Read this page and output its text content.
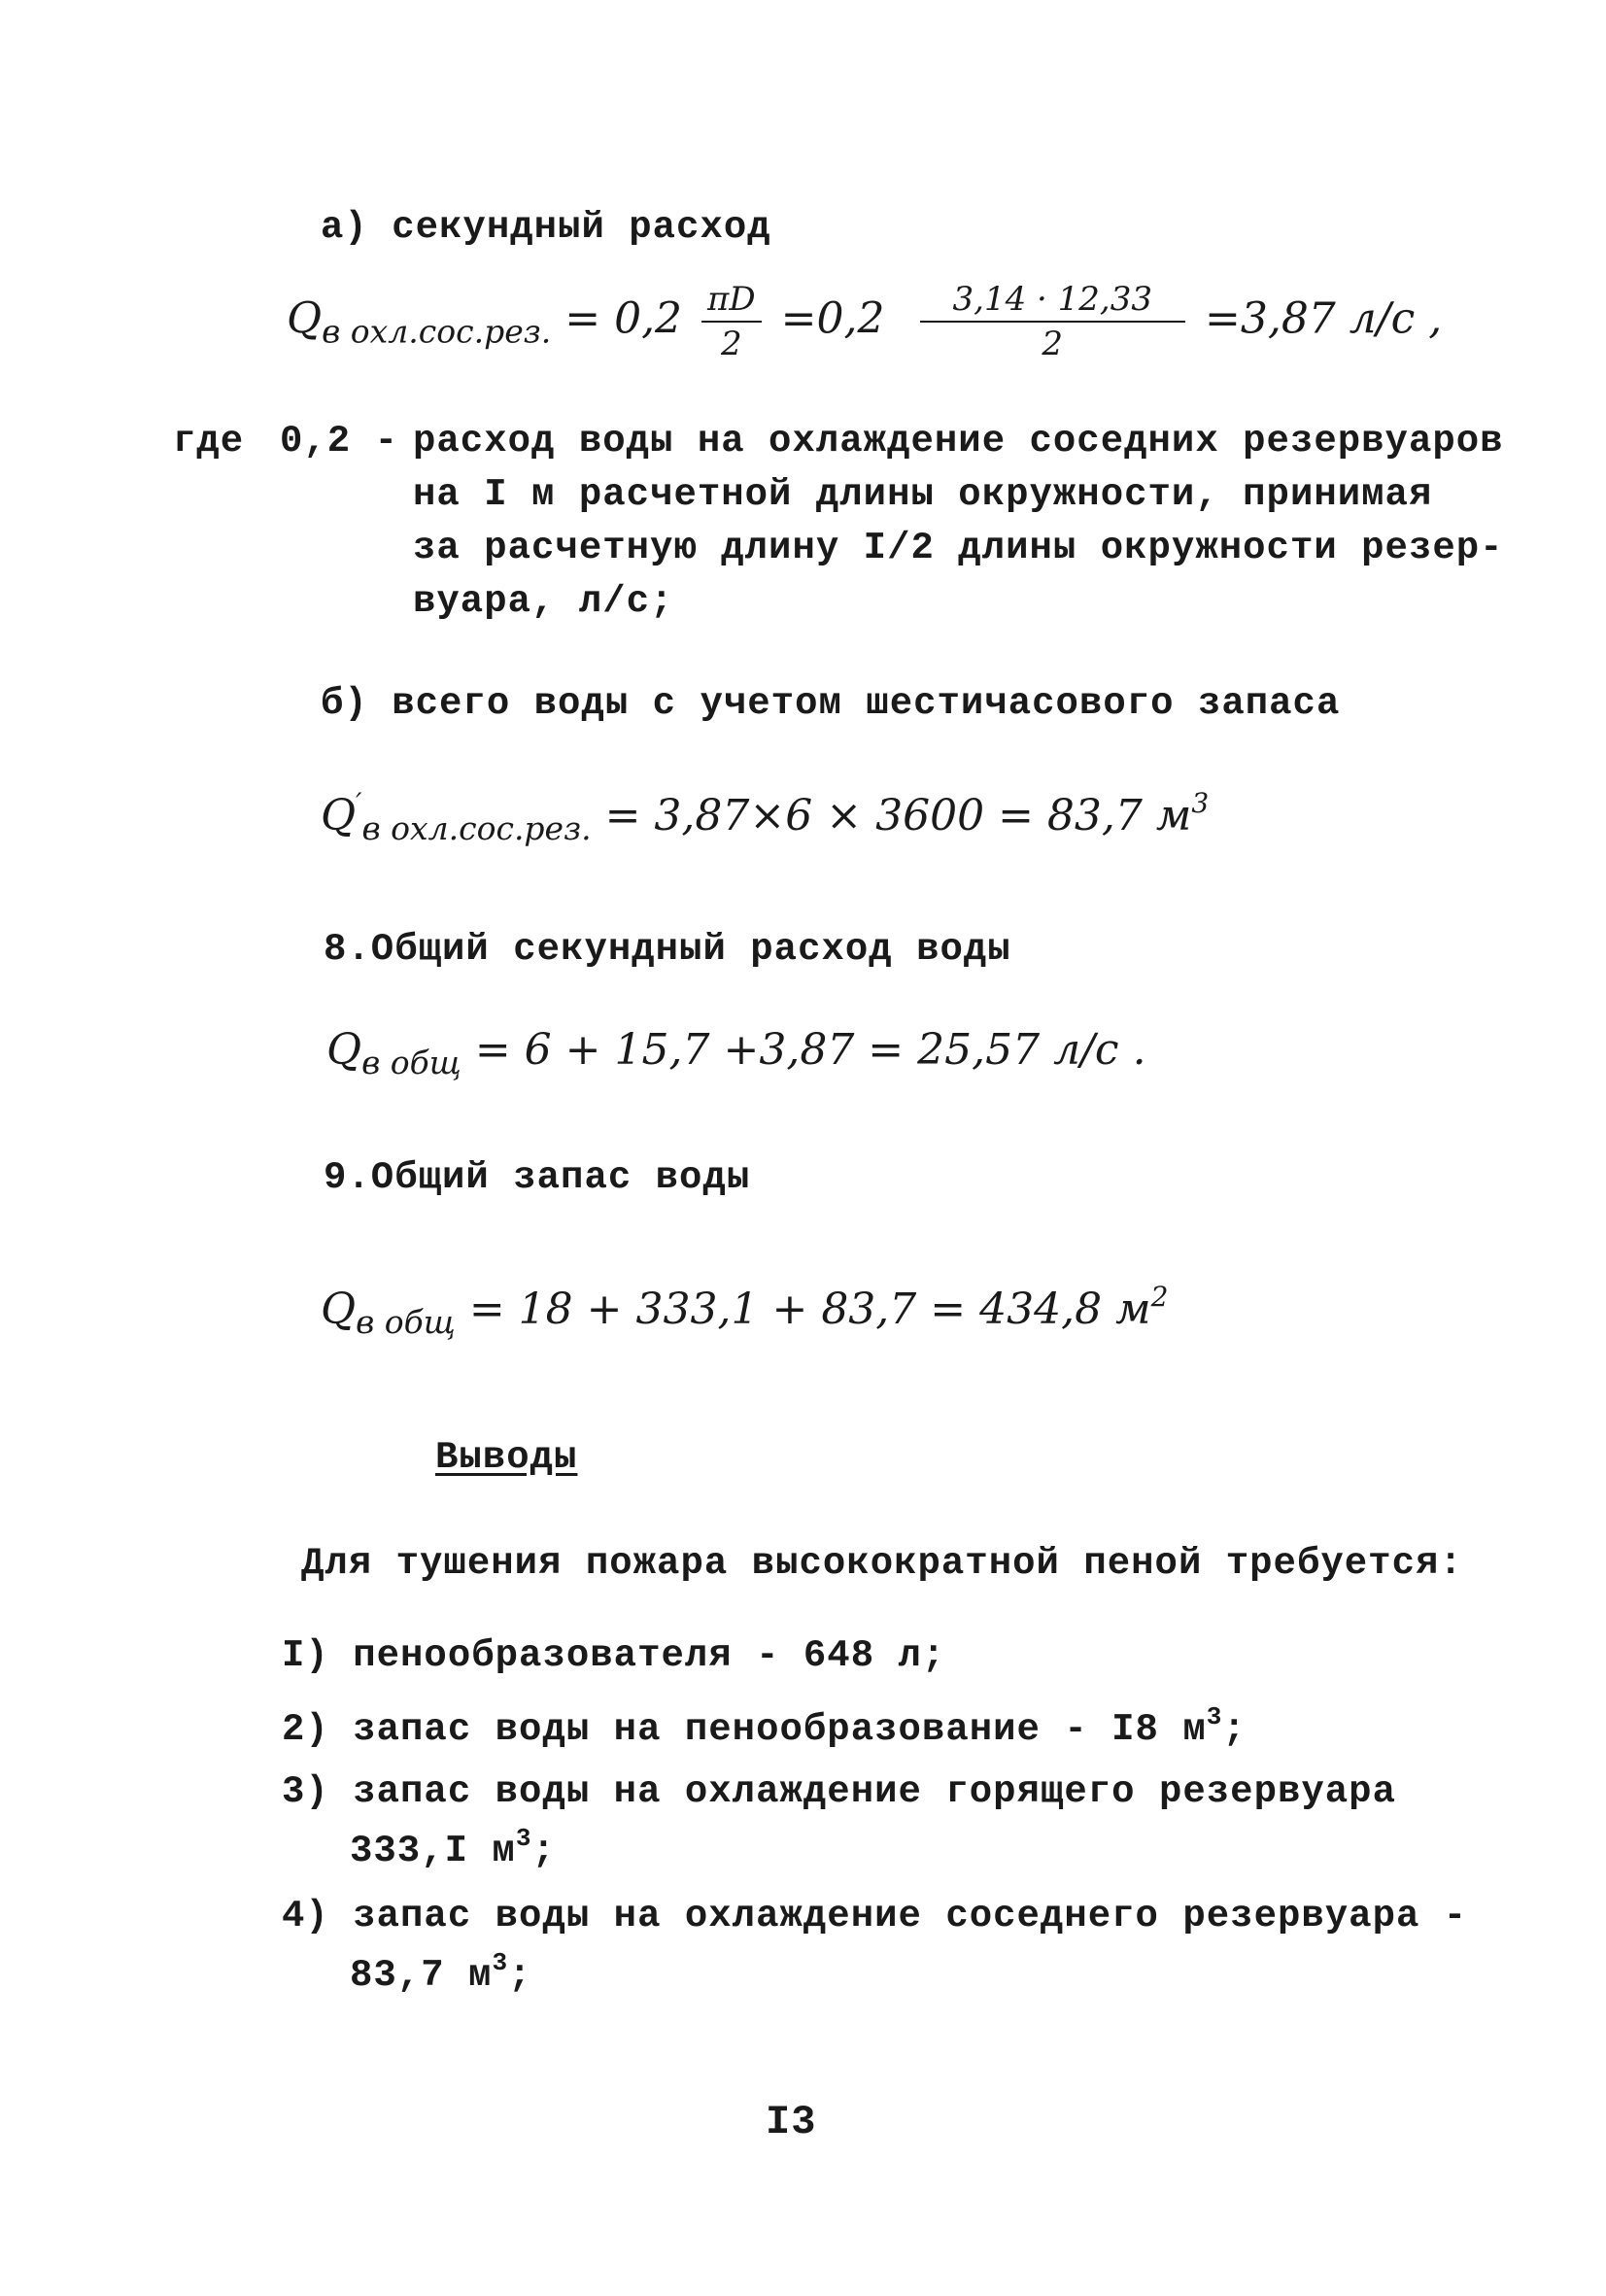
а) секундный расход
$Q_{в охл.сос.рез.} = 0,2 \frac{\pi D}{2} =0,2 \frac{3,14 \cdot 12,33}{2} =3,87$ л/с ,
где 0,2 - расход воды на охлаждение соседних резервуаров
на I м расчетной длины окружности, принимая
за расчетную длину I/2 длины окружности резер-
вуара, л/с;
б) всего воды с учетом шестичасового запаса
$Q'_{в охл.сос.рез.} = 3,87\times 6 \times 3600 = 83,7$ $м^3$
8.Общий секундный расход воды
$Q_{в общ} = 6 + 15,7 +3,87 = 25,57$ л/с .
9.Общий запас воды
$Q_{в общ} = 18 + 333,1 + 83,7 = 434,8$ $м^2$
Выводы
Для тушения пожара высокократной пеной требуется:
I) пенообразователя - 648 л;
2) запас воды на пенообразование - I8 $м^3$;
3) запас воды на охлаждение горящего резервуара
333,I $м^3$;
4) запас воды на охлаждение соседнего резервуара -
83,7 $м^3$;
I3
